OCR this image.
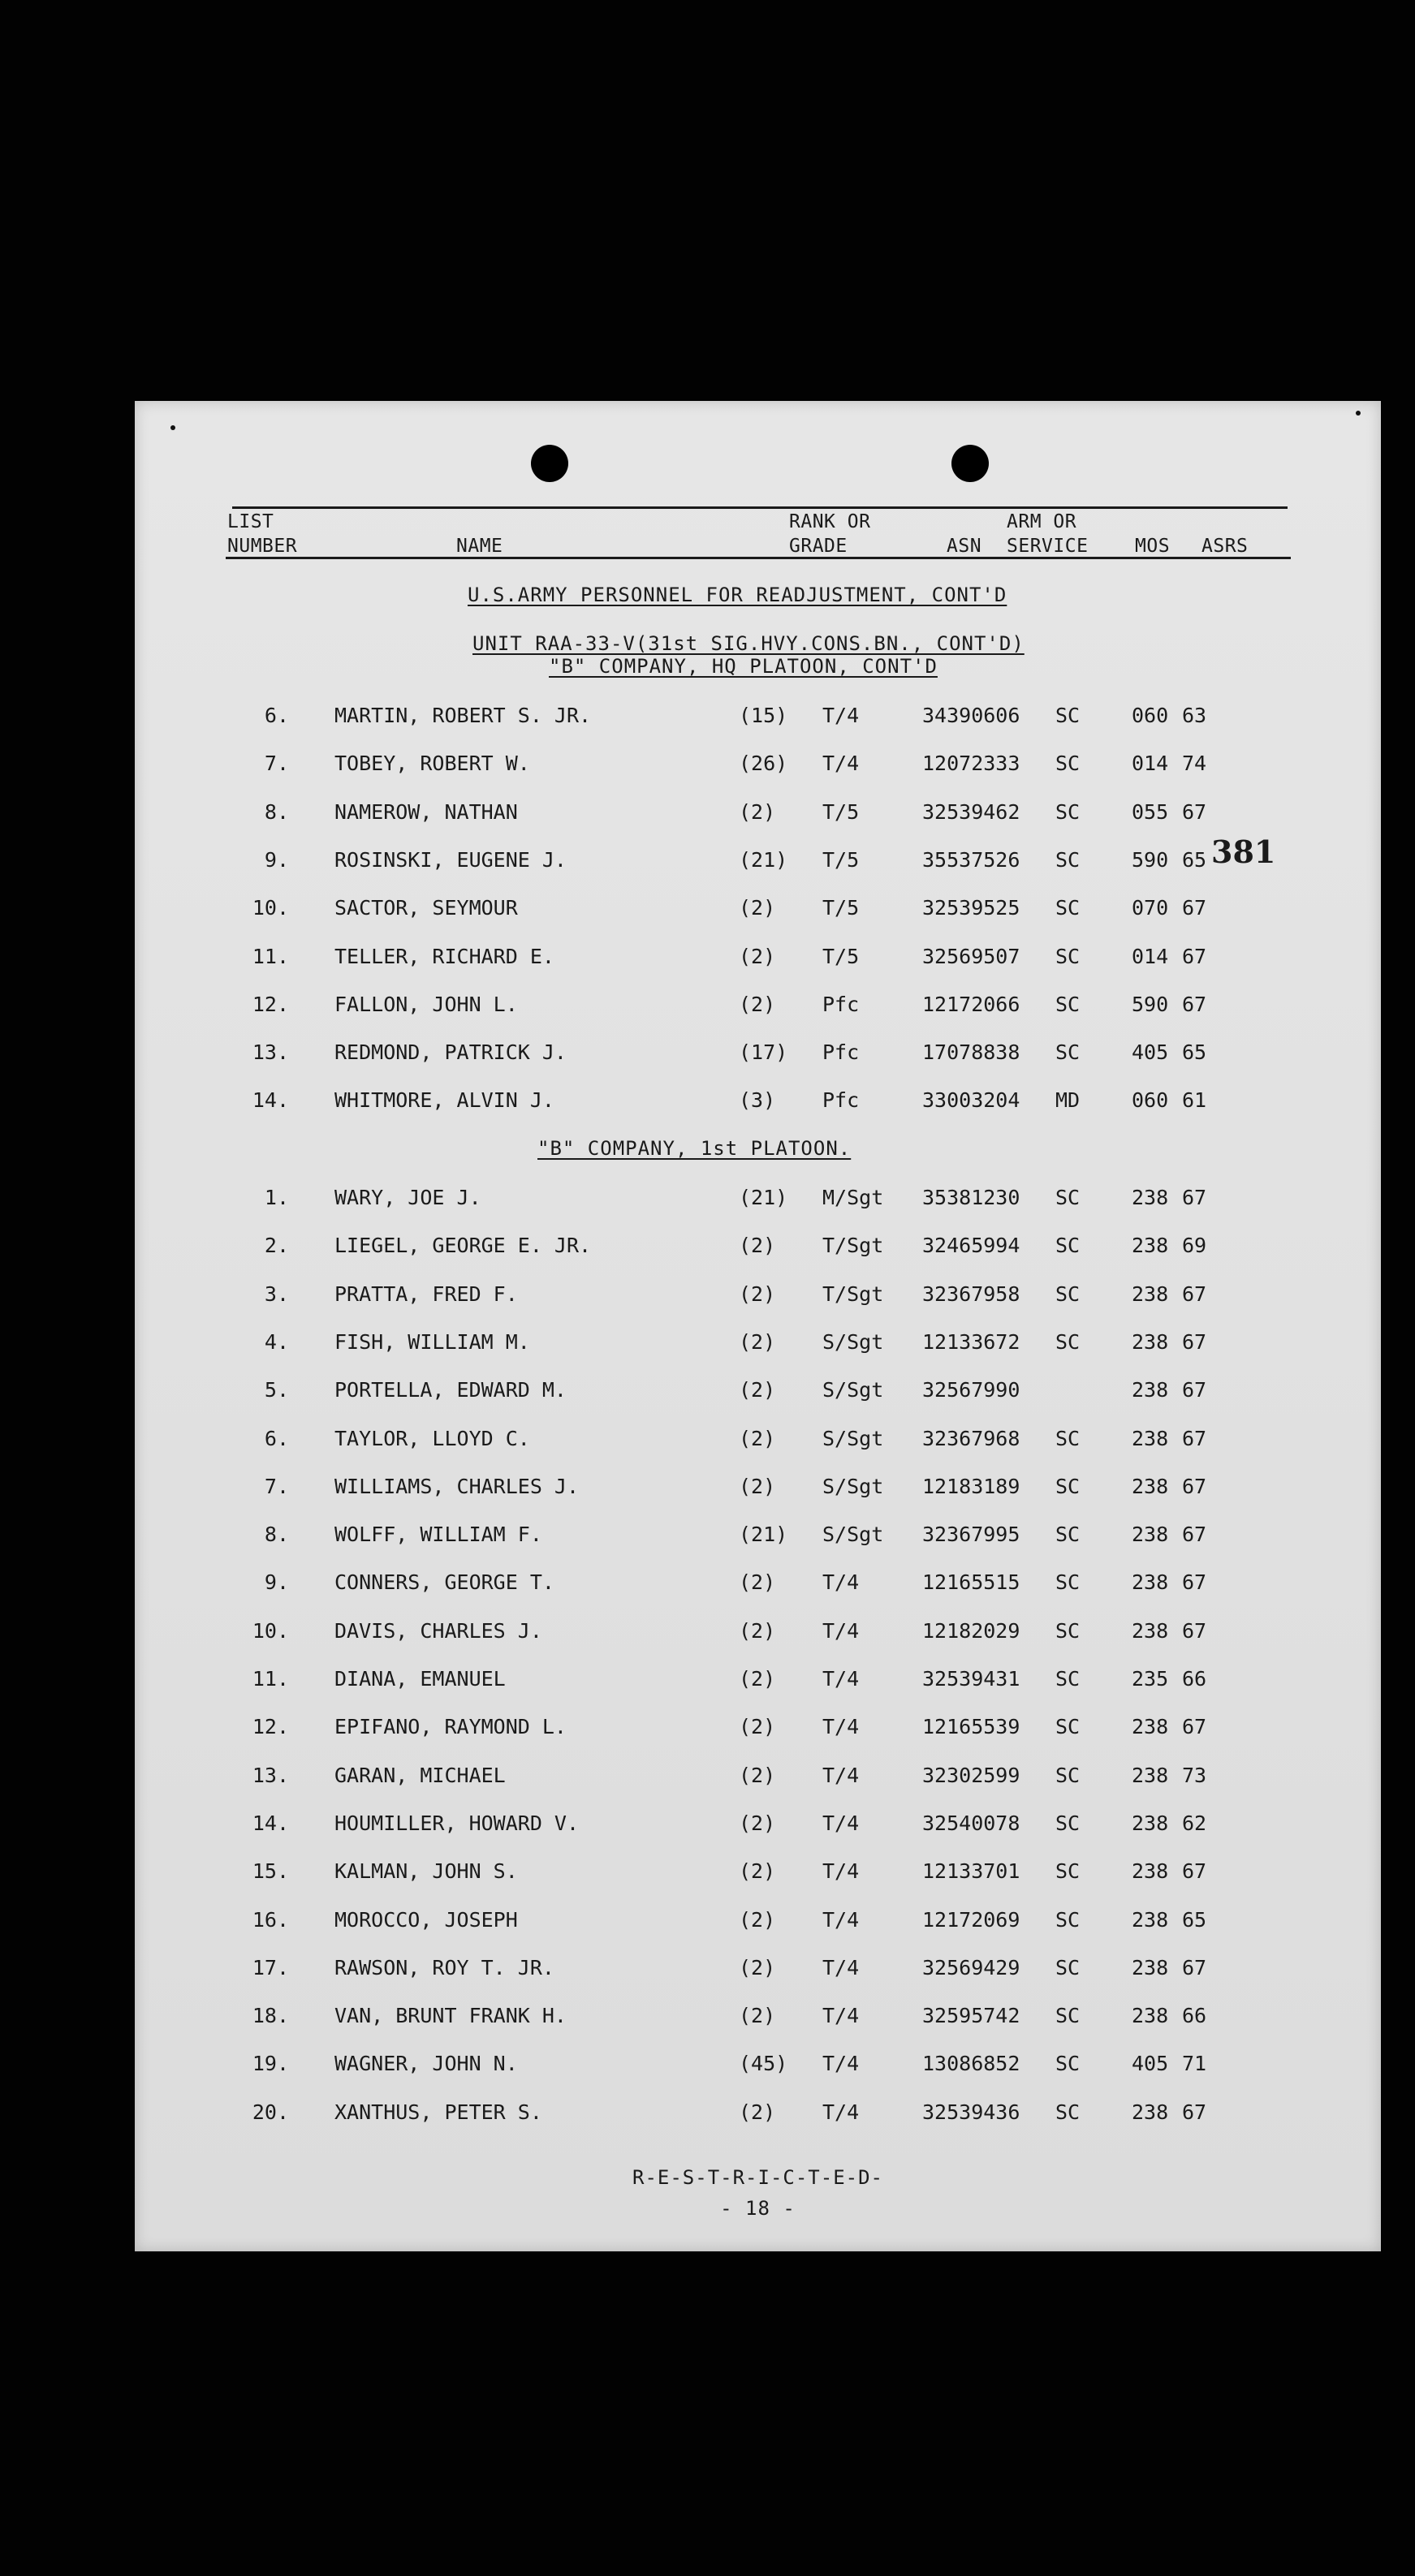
LIST
NUMBER	NAME
RANK OR
GRADE	ASN
ARM OR
SERVICE	MOS ASRS
U.S.ARMY PERSONNEL FOR READJUSTMENT, CONT'D
UNIT RAA-33-V(31st SIG.HVY.CONS.BN., CONT'D)
"B" COMPANY, HQ PLATOON, CONT'D
381
6. MARTIN, ROBERT S. JR.	(15) T/4	34390606 SC	060 63
7. TOBEY, ROBERT W.	(26) T/4	12072333 SC	014 74
8. NAMEROW, NATHAN	(2) T/5	32539462 SC	055 67
9. ROSINSKI, EUGENE J.	(21) T/5	35537526 SC	590 65
10. SACTOR, SEYMOUR	(2) T/5	32539525 SC	070 67
11. TELLER, RICHARD E.	(2) T/5	32569507 SC	014 67
12. FALLON, JOHN L.	(2) Pfc	12172066 SC	590 67
13. REDMOND, PATRICK J.	(17) Pfc	17078838 SC	405 65
14. WHITMORE, ALVIN J.	(3) Pfc	33003204 MD	060 61
"B" COMPANY, 1st PLATOON.
1. WARY, JOE J.	(21) M/Sgt 35381230 SC	238 67
2. LIEGEL, GEORGE E. JR.	(2) T/Sgt 32465994 SC	238 69
3. PRATTA, FRED F.	(2) T/Sgt 32367958 SC	238 67
4. FISH, WILLIAM M.	(2) S/Sgt 12133672 SC	238 67
5. PORTELLA, EDWARD M.	(2) S/Sgt 32567990	238 67
6. TAYLOR, LLOYD C.	(2) S/Sgt 32367968 SC	238 67
7. WILLIAMS, CHARLES J.	(2) S/Sgt 12183189 SC	238 67
8. WOLFF, WILLIAM F.	(21) S/Sgt 32367995 SC	238 67
9. CONNERS, GEORGE T.	(2) T/4	12165515 SC	238 67
10. DAVIS, CHARLES J.	(2) T/4	12182029 SC	238 67
11. DIANA, EMANUEL	(2) T/4	32539431 SC	235 66
12. EPIFANO, RAYMOND L.	(2) T/4	12165539 SC	238 67
13. GARAN, MICHAEL	(2) T/4	32302599 SC	238 73
14. HOUMILLER, HOWARD V.	(2) T/4	32540078 SC	238 62
15. KALMAN, JOHN S.	(2) T/4	12133701 SC	238 67
16. MOROCCO, JOSEPH	(2) T/4	12172069 SC	238 65
17. RAWSON, ROY T. JR.	(2) T/4	32569429 SC	238 67
18. VAN, BRUNT FRANK H.	(2) T/4	32595742 SC	238 66
19. WAGNER, JOHN N.	(45) T/4	13086852 SC	405 71
20. XANTHUS, PETER S.	(2) T/4	32539436 SC	238 67
R-E-S-T-R-I-C-T-E-D-
- 18 -
